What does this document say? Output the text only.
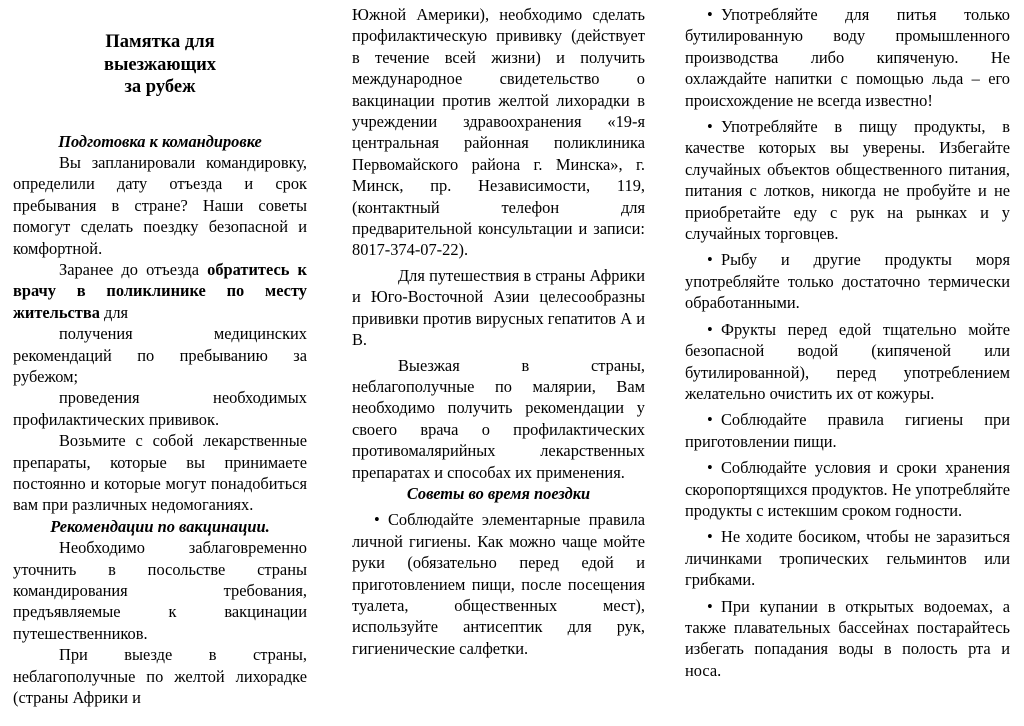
Памятка для
выезжающих
за рубеж

Подготовка к командировке

Вы запланировали командировку, определили дату отъезда и срок пребывания в стране? Наши советы помогут сделать поездку безопасной и комфортной.

Заранее до отъезда обратитесь к врачу в поликлинике по месту жительства для

получения медицинских рекомендаций по пребыванию за рубежом;

проведения необходимых профилактических прививок.

Возьмите с собой лекарственные препараты, которые вы принимаете постоянно и которые могут понадобиться вам при различных недомоганиях.

Рекомендации по вакцинации.

Необходимо заблаговременно уточнить в посольстве страны командирования требования, предъявляемые к вакцинации путешественников.

При выезде в страны, неблагополучные по желтой лихорадке (страны Африки и

Южной Америки), необходимо сделать профилактическую прививку (действует в течение всей жизни) и получить международное свидетельство о вакцинации против желтой лихорадки в учреждении здравоохранения «19-я центральная районная поликлиника Первомайского района г. Минска», г. Минск, пр. Независимости, 119, (контактный телефон для предварительной консультации и записи: 8017-374-07-22).

Для путешествия в страны Африки и Юго-Восточной Азии целесообразны прививки против вирусных гепатитов А и В.

Выезжая в страны, неблагополучные по малярии, Вам необходимо получить рекомендации у своего врача о профилактических противомалярийных лекарственных препаратах и способах их применения.

Советы во время поездки

• Соблюдайте элементарные правила личной гигиены. Как можно чаще мойте руки (обязательно перед едой и приготовлением пищи, после посещения туалета, общественных мест), используйте антисептик для рук, гигиенические салфетки.

• Употребляйте для питья только бутилированную воду промышленного производства либо кипяченую. Не охлаждайте напитки с помощью льда – его происхождение не всегда известно!

• Употребляйте в пищу продукты, в качестве которых вы уверены. Избегайте случайных объектов общественного питания, питания с лотков, никогда не пробуйте и не приобретайте еду с рук на рынках и у случайных торговцев.

• Рыбу и другие продукты моря употребляйте только достаточно термически обработанными.

• Фрукты перед едой тщательно мойте безопасной водой (кипяченой или бутилированной), перед употреблением желательно очистить их от кожуры.

• Соблюдайте правила гигиены при приготовлении пищи.

• Соблюдайте условия и сроки хранения скоропортящихся продуктов. Не употребляйте продукты с истекшим сроком годности.

• Не ходите босиком, чтобы не заразиться личинками тропических гельминтов или грибками.

• При купании в открытых водоемах, а также плавательных бассейнах постарайтесь избегать попадания воды в полость рта и носа.
